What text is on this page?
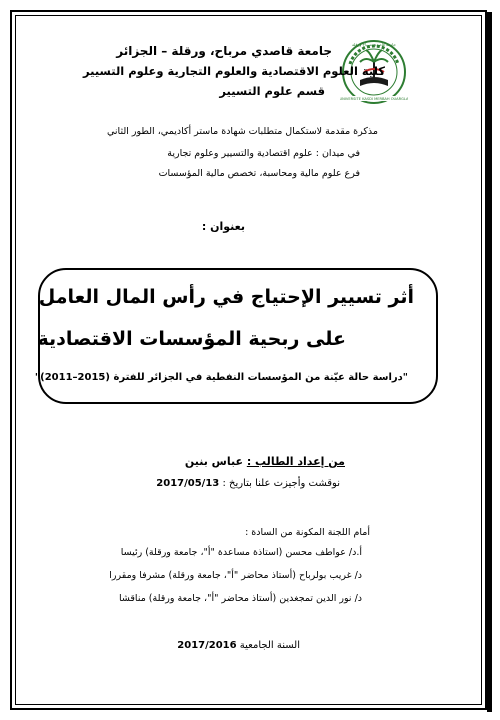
UNIVERSITE KASDI MERBAH OUARGLA
جامعة قاصدي مرباح ورقلة
جامعة قاصدي مرباح، ورقلة – الجزائر
كلية العلوم الاقتصادية والعلوم التجارية وعلوم التسيير
قسم علوم التسيير
مذكرة مقدمة لاستكمال متطلبات شهادة ماستر أكاديمي، الطور الثاني
في ميدان : علوم اقتصادية والتسيير وعلوم تجارية
فرع علوم مالية ومحاسبة، تخصص مالية المؤسسات
بعنوان :
أثر تسيير الإحتياج في رأس المال العامل
على ربحية المؤسسات الاقتصادية
"دراسة حالة عيّنة من المؤسسات النفطية في الجزائر للفترة (2015–2011)"
من إعداد الطالب : عباس بنين
نوقشت وأجيزت علنا بتاريخ : 2017/05/13
أمام اللجنة المكونة من السادة :
أ.د/ عواطف محسن (استاذة مساعدة "أ"، جامعة ورقلة) رئيسا
د/ غريب بولرباح (أستاذ محاضر "أ"، جامعة ورقلة) مشرفا ومقررا
د/ نور الدين تمجغدين (أستاذ محاضر "أ"، جامعة ورقلة) مناقشا
السنة الجامعية 2017/2016
